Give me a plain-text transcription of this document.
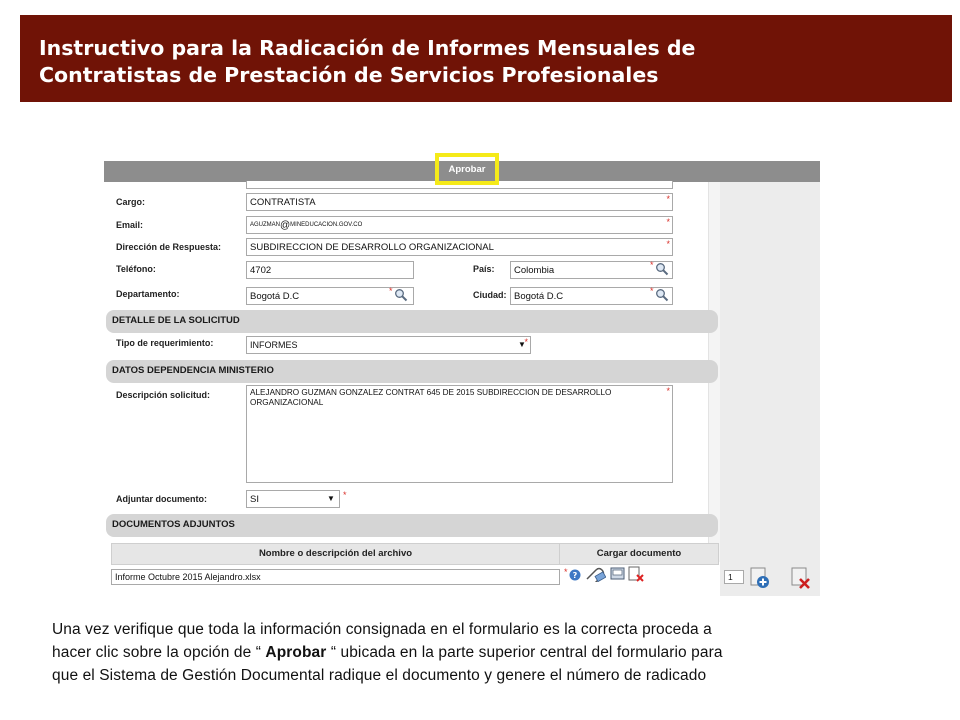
Instructivo para la Radicación de Informes Mensuales de
Contratistas de Prestación de Servicios Profesionales
Aprobar
Cargo:	CONTRATISTA	*
Email:	AGUZMAN @ MINEDUCACION.GOV.CO	*
Dirección de Respuesta:	SUBDIRECCION DE DESARROLLO ORGANIZACIONAL	*
Teléfono:	4702	País: Colombia	*
Departamento:	Bogotá D.C	*	Ciudad: Bogotá D.C	*
DETALLE DE LA SOLICITUD
Tipo de requerimiento:	INFORMES	▼
*
DATOS DEPENDENCIA MINISTERIO
Descripción solicitud:	ALEJANDRO GUZMAN GONZALEZ CONTRAT 645 DE 2015 SUBDIRECCION DE DESARROLLO
ORGANIZACIONAL
*
Adjuntar documento:	SI	▼ *
DOCUMENTOS ADJUNTOS
Nombre o descripción del archivo	Cargar documento
Informe Octubre 2015 Alejandro.xlsx	* ?	1

Una vez verifique que toda la información consignada en el formulario es la correcta proceda a

hacer clic sobre la opción de “ Aprobar “ ubicada en la parte superior central del formulario para

que el Sistema de Gestión Documental radique el documento y genere el número de radicado
